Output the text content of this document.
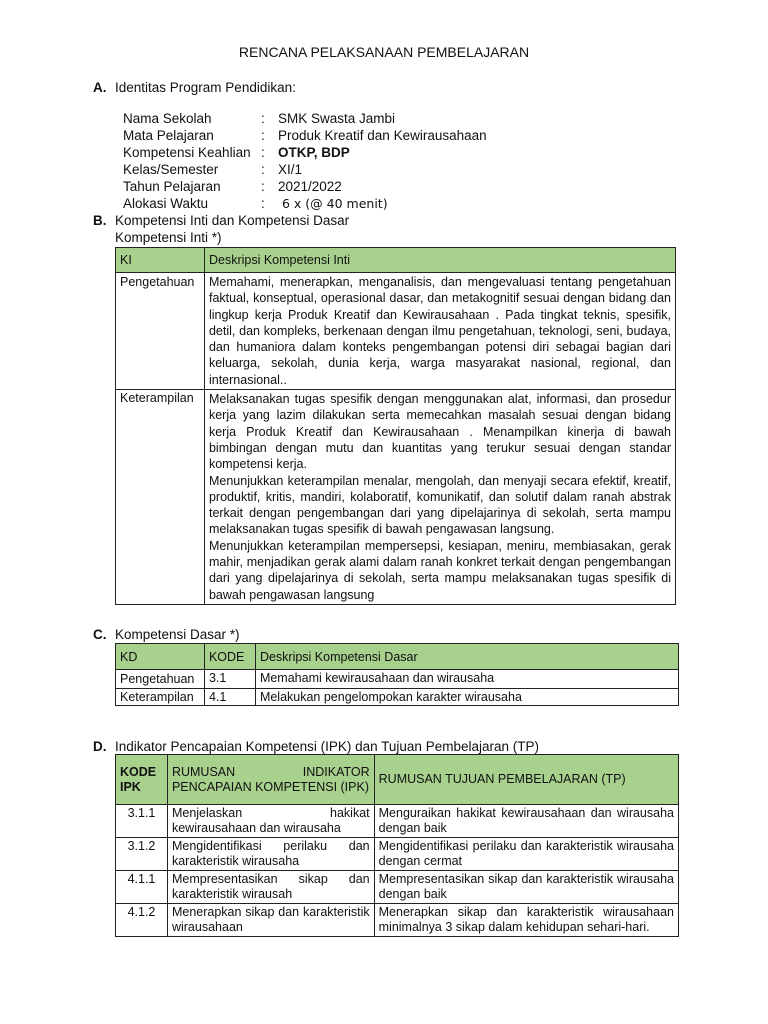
RENCANA PELAKSANAAN PEMBELAJARAN
A. Identitas Program Pendidikan:
Nama Sekolah	: SMK Swasta Jambi
Mata Pelajaran	: Produk Kreatif dan Kewirausahaan
Kompetensi Keahlian : OTKP, BDP
Kelas/Semester	: XI/1
Tahun Pelajaran	: 2021/2022
Alokasi Waktu	: 6 x (@ 40 menit)
B. Kompetensi Inti dan Kompetensi Dasar
Kompetensi Inti *)
KI	Deskripsi Kompetensi Inti
Pengetahuan	Memahami, menerapkan, menganalisis, dan mengevaluasi tentang pengetahuan faktual, konseptual, operasional dasar, dan metakognitif sesuai dengan bidang dan lingkup kerja Produk Kreatif dan Kewirausahaan . Pada tingkat teknis, spesifik, detil, dan kompleks, berkenaan dengan ilmu pengetahuan, teknologi, seni, budaya, dan humaniora dalam konteks pengembangan potensi diri sebagai bagian dari keluarga, sekolah, dunia kerja, warga masyarakat nasional, regional, dan internasional..

Keterampilan	Melaksanakan tugas spesifik dengan menggunakan alat, informasi, dan prosedur kerja yang lazim dilakukan serta memecahkan masalah sesuai dengan bidang kerja Produk Kreatif dan Kewirausahaan . Menampilkan kinerja di bawah bimbingan dengan mutu dan kuantitas yang terukur sesuai dengan standar kompetensi kerja.
Menunjukkan keterampilan menalar, mengolah, dan menyaji secara efektif, kreatif, produktif, kritis, mandiri, kolaboratif, komunikatif, dan solutif dalam ranah abstrak terkait dengan pengembangan dari yang dipelajarinya di sekolah, serta mampu melaksanakan tugas spesifik di bawah pengawasan langsung.
Menunjukkan keterampilan mempersepsi, kesiapan, meniru, membiasakan, gerak mahir, menjadikan gerak alami dalam ranah konkret terkait dengan pengembangan dari yang dipelajarinya di sekolah, serta mampu melaksanakan tugas spesifik di bawah pengawasan langsung
C. Kompetensi Dasar *)
KD	KODE	Deskripsi Kompetensi Dasar
Pengetahuan	3.1	Memahami kewirausahaan dan wirausaha
Keterampilan	4.1	Melakukan pengelompokan karakter wirausaha
D. Indikator Pencapaian Kompetensi (IPK) dan Tujuan Pembelajaran (TP)
KODE IPK	RUMUSAN INDIKATOR PENCAPAIAN KOMPETENSI (IPK)	RUMUSAN TUJUAN PEMBELAJARAN (TP)
3.1.1	Menjelaskan hakikat kewirausahaan dan wirausaha	Menguraikan hakikat kewirausahaan dan wirausaha dengan baik
3.1.2	Mengidentifikasi perilaku dan karakteristik wirausaha	Mengidentifikasi perilaku dan karakteristik wirausaha dengan cermat
4.1.1	Mempresentasikan sikap dan karakteristik wirausah	Mempresentasikan sikap dan karakteristik wirausaha dengan baik
4.1.2	Menerapkan sikap dan karakteristik wirausahaan	Menerapkan sikap dan karakteristik wirausahaan minimalnya 3 sikap dalam kehidupan sehari-hari.
